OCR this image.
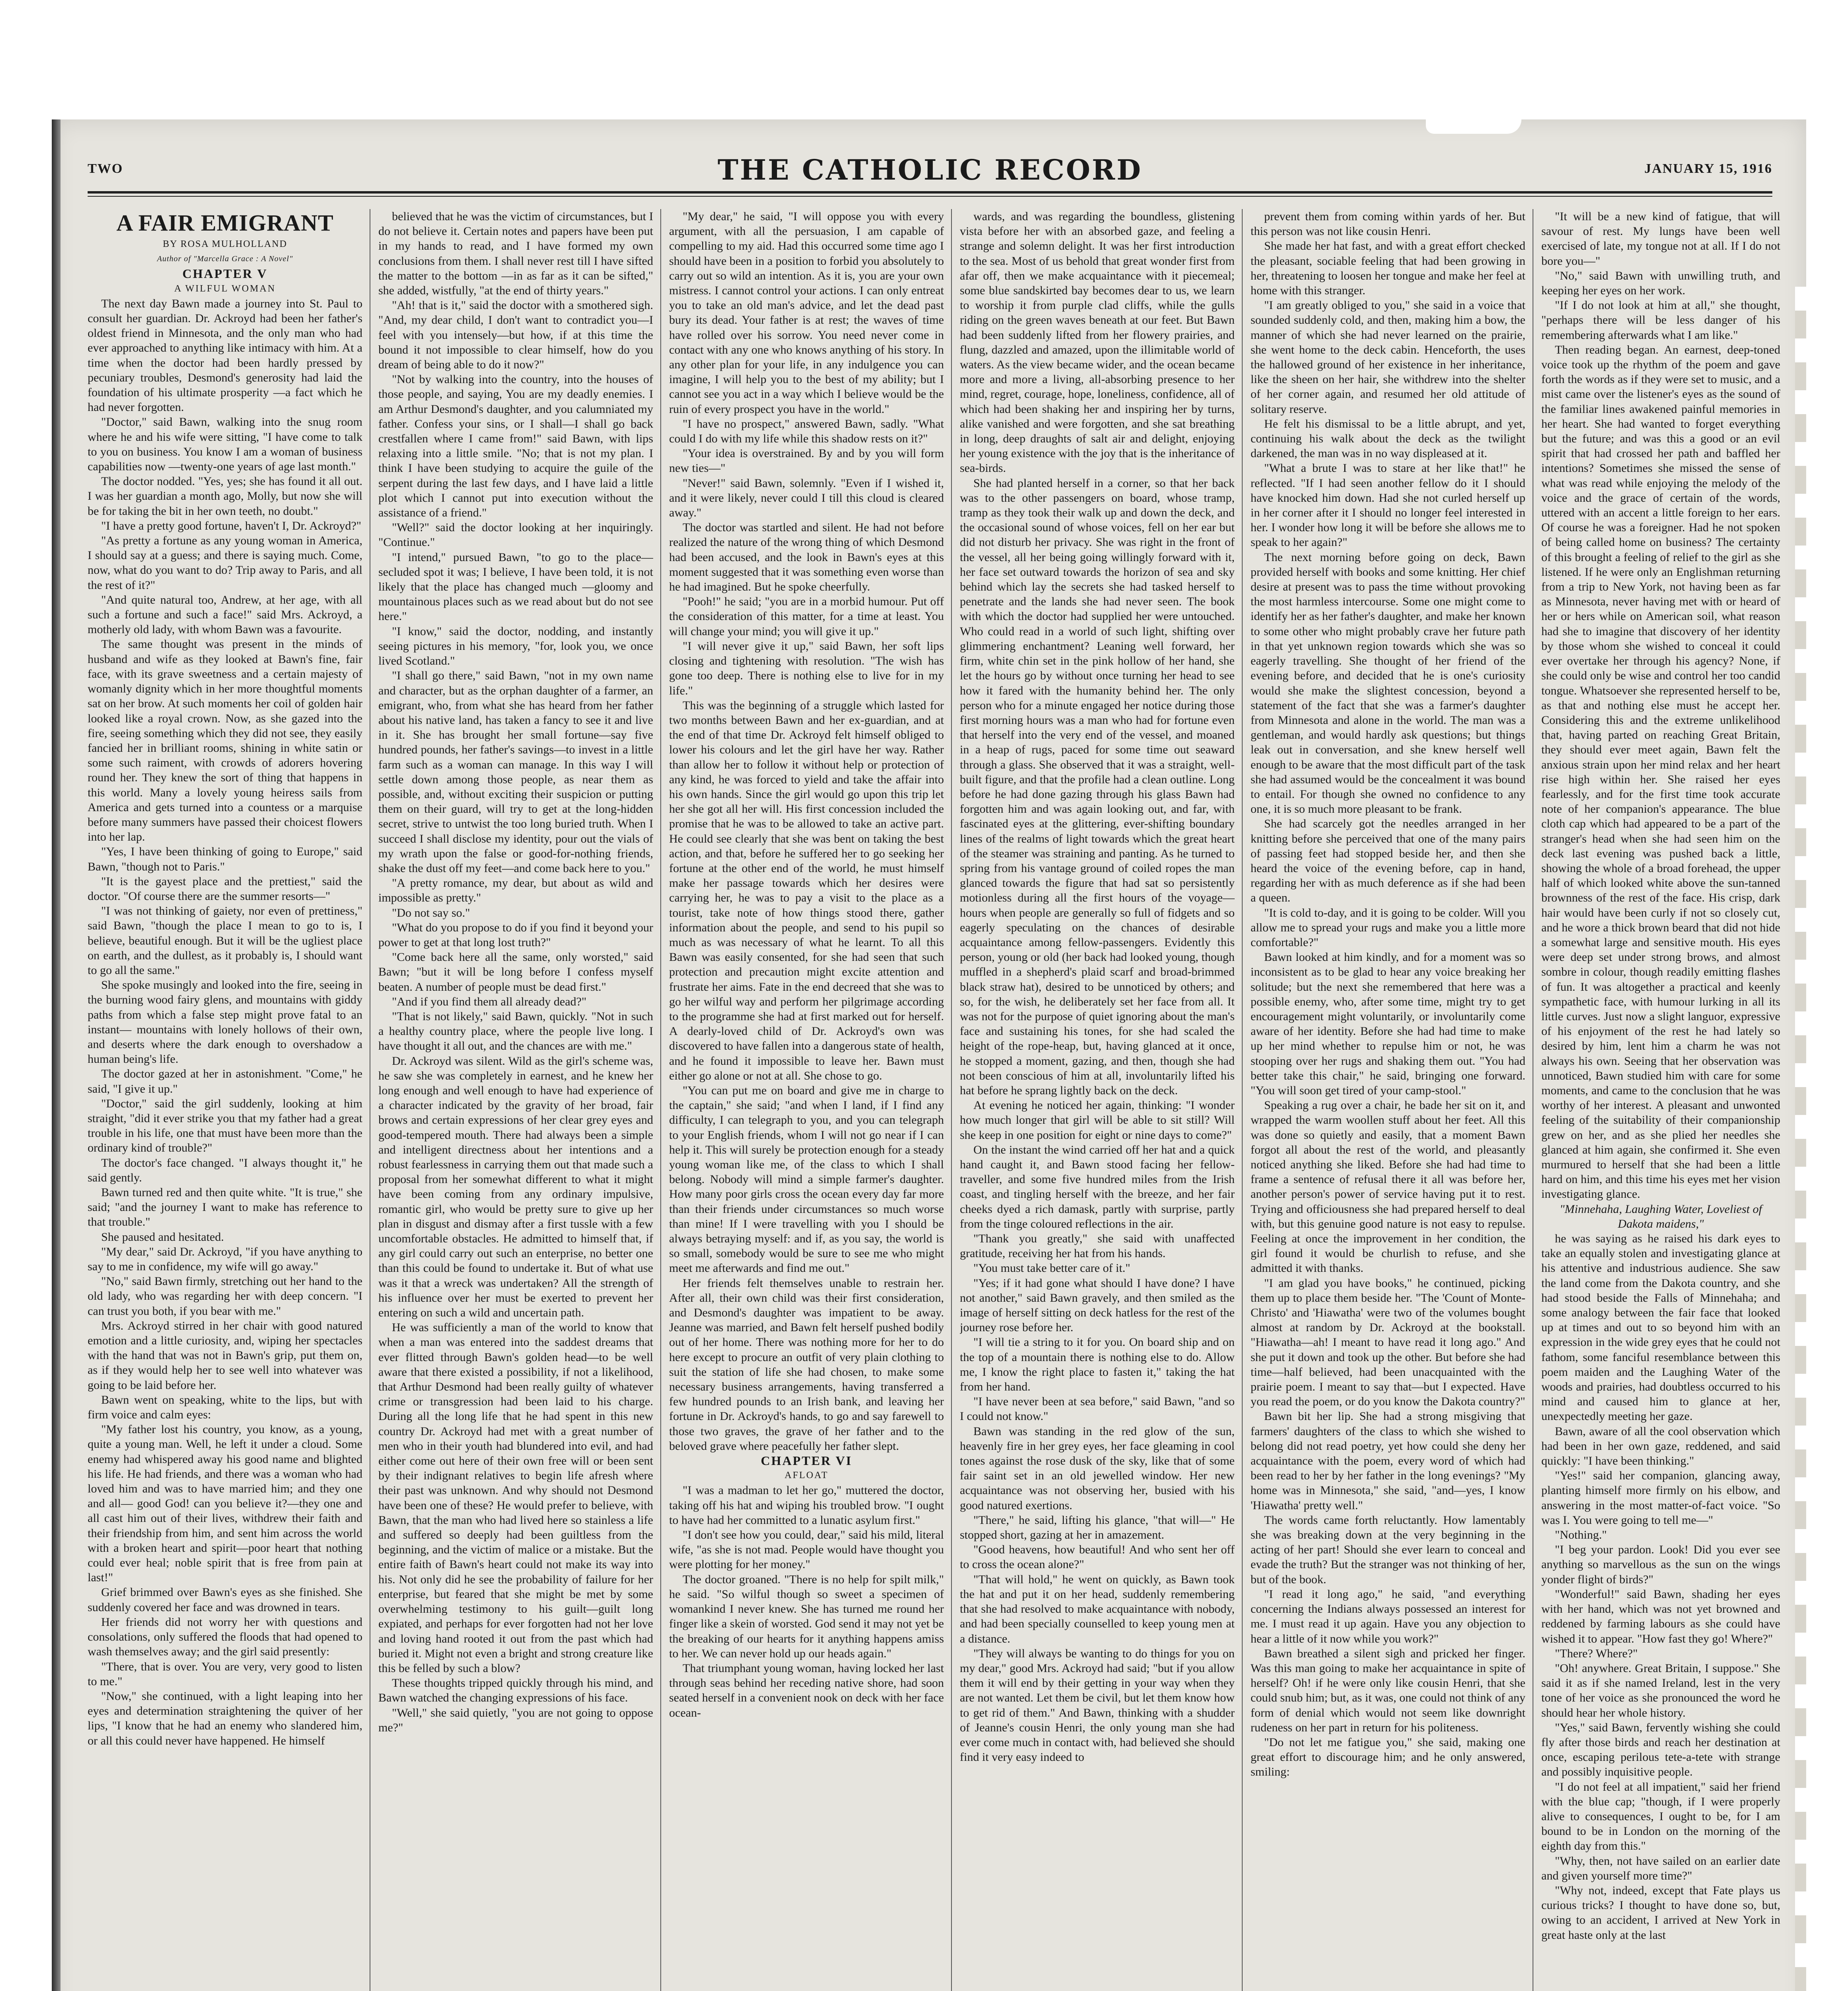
TWO	THE CATHOLIC RECORD	JANUARY 15, 1916

A FAIR EMIGRANT

BY ROSA MULHOLLAND

Author of "Marcella Grace : A Novel"

CHAPTER V

A WILFUL WOMAN

The next day Bawn made a journey into St. Paul to consult her guardian. Dr. Ackroyd had been her father's oldest friend in Minnesota, and the only man who had ever approached to anything like intimacy with him. At a time when the doctor had been hardly pressed by pecuniary troubles, Desmond's generosity had laid the foundation of his ultimate prosperity —a fact which he had never forgotten.

"Doctor," said Bawn, walking into the snug room where he and his wife were sitting, "I have come to talk to you on business. You know I am a woman of business capabilities now —twenty-one years of age last month."

The doctor nodded. "Yes, yes; she has found it all out. I was her guardian a month ago, Molly, but now she will be for taking the bit in her own teeth, no doubt."

"I have a pretty good fortune, haven't I, Dr. Ackroyd?"

"As pretty a fortune as any young woman in America, I should say at a guess; and there is saying much. Come, now, what do you want to do? Trip away to Paris, and all the rest of it?"

"And quite natural too, Andrew, at her age, with all such a fortune and such a face!" said Mrs. Ackroyd, a motherly old lady, with whom Bawn was a favourite.

The same thought was present in the minds of husband and wife as they looked at Bawn's fine, fair face, with its grave sweetness and a certain majesty of womanly dignity which in her more thoughtful moments sat on her brow. At such moments her coil of golden hair looked like a royal crown. Now, as she gazed into the fire, seeing something which they did not see, they easily fancied her in brilliant rooms, shining in white satin or some such raiment, with crowds of adorers hovering round her. They knew the sort of thing that happens in this world. Many a lovely young heiress sails from America and gets turned into a countess or a marquise before many summers have passed their choicest flowers into her lap.

"Yes, I have been thinking of going to Europe," said Bawn, "though not to Paris."

"It is the gayest place and the prettiest," said the doctor. "Of course there are the summer resorts—"

"I was not thinking of gaiety, nor even of prettiness," said Bawn, "though the place I mean to go to is, I believe, beautiful enough. But it will be the ugliest place on earth, and the dullest, as it probably is, I should want to go all the same."

She spoke musingly and looked into the fire, seeing in the burning wood fairy glens, and mountains with giddy paths from which a false step might prove fatal to an instant— mountains with lonely hollows of their own, and deserts where the dark enough to overshadow a human being's life.

The doctor gazed at her in astonishment. "Come," he said, "I give it up."

"Doctor," said the girl suddenly, looking at him straight, "did it ever strike you that my father had a great trouble in his life, one that must have been more than the ordinary kind of trouble?"

The doctor's face changed. "I always thought it," he said gently.

Bawn turned red and then quite white. "It is true," she said; "and the journey I want to make has reference to that trouble."

She paused and hesitated.

"My dear," said Dr. Ackroyd, "if you have anything to say to me in confidence, my wife will go away."

"No," said Bawn firmly, stretching out her hand to the old lady, who was regarding her with deep concern. "I can trust you both, if you bear with me."

Mrs. Ackroyd stirred in her chair with good natured emotion and a little curiosity, and, wiping her spectacles with the hand that was not in Bawn's grip, put them on, as if they would help her to see well into whatever was going to be laid before her.

Bawn went on speaking, white to the lips, but with firm voice and calm eyes:

"My father lost his country, you know, as a young, quite a young man. Well, he left it under a cloud. Some enemy had whispered away his good name and blighted his life. He had friends, and there was a woman who had loved him and was to have married him; and they one and all— good God! can you believe it?—they one and all cast him out of their lives, withdrew their faith and their friendship from him, and sent him across the world with a broken heart and spirit—poor heart that nothing could ever heal; noble spirit that is free from pain at last!"

Grief brimmed over Bawn's eyes as she finished. She suddenly covered her face and was drowned in tears.

Her friends did not worry her with questions and consolations, only suffered the floods that had opened to wash themselves away; and the girl said presently:

"There, that is over. You are very, very good to listen to me."

"Now," she continued, with a light leaping into her eyes and determination straightening the quiver of her lips, "I know that he had an enemy who slandered him, or all this could never have happened. He himself

believed that he was the victim of circumstances, but I do not believe it. Certain notes and papers have been put in my hands to read, and I have formed my own conclusions from them. I shall never rest till I have sifted the matter to the bottom —in as far as it can be sifted," she added, wistfully, "at the end of thirty years."

"Ah! that is it," said the doctor with a smothered sigh. "And, my dear child, I don't want to contradict you—I feel with you intensely—but how, if at this time the bound it not impossible to clear himself, how do you dream of being able to do it now?"

"Not by walking into the country, into the houses of those people, and saying, You are my deadly enemies. I am Arthur Desmond's daughter, and you calumniated my father. Confess your sins, or I shall—I shall go back crestfallen where I came from!" said Bawn, with lips relaxing into a little smile. "No; that is not my plan. I think I have been studying to acquire the guile of the serpent during the last few days, and I have laid a little plot which I cannot put into execution without the assistance of a friend."

"Well?" said the doctor looking at her inquiringly. "Continue."

"I intend," pursued Bawn, "to go to the place—secluded spot it was; I believe, I have been told, it is not likely that the place has changed much —gloomy and mountainous places such as we read about but do not see here."

"I know," said the doctor, nodding, and instantly seeing pictures in his memory, "for, look you, we once lived Scotland."

"I shall go there," said Bawn, "not in my own name and character, but as the orphan daughter of a farmer, an emigrant, who, from what she has heard from her father about his native land, has taken a fancy to see it and live in it. She has brought her small fortune—say five hundred pounds, her father's savings—to invest in a little farm such as a woman can manage. In this way I will settle down among those people, as near them as possible, and, without exciting their suspicion or putting them on their guard, will try to get at the long-hidden secret, strive to untwist the too long buried truth. When I succeed I shall disclose my identity, pour out the vials of my wrath upon the false or good-for-nothing friends, shake the dust off my feet—and come back here to you."

"A pretty romance, my dear, but about as wild and impossible as pretty."

"Do not say so."

"What do you propose to do if you find it beyond your power to get at that long lost truth?"

"Come back here all the same, only worsted," said Bawn; "but it will be long before I confess myself beaten. A number of people must be dead first."

"And if you find them all already dead?"

"That is not likely," said Bawn, quickly. "Not in such a healthy country place, where the people live long. I have thought it all out, and the chances are with me."

Dr. Ackroyd was silent. Wild as the girl's scheme was, he saw she was completely in earnest, and he knew her long enough and well enough to have had experience of a character indicated by the gravity of her broad, fair brows and certain expressions of her clear grey eyes and good-tempered mouth. There had always been a simple and intelligent directness about her intentions and a robust fearlessness in carrying them out that made such a proposal from her somewhat different to what it might have been coming from any ordinary impulsive, romantic girl, who would be pretty sure to give up her plan in disgust and dismay after a first tussle with a few uncomfortable obstacles. He admitted to himself that, if any girl could carry out such an enterprise, no better one than this could be found to undertake it. But of what use was it that a wreck was undertaken? All the strength of his influence over her must be exerted to prevent her entering on such a wild and uncertain path.

He was sufficiently a man of the world to know that when a man was entered into the saddest dreams that ever flitted through Bawn's golden head—to be well aware that there existed a possibility, if not a likelihood, that Arthur Desmond had been really guilty of whatever crime or transgression had been laid to his charge. During all the long life that he had spent in this new country Dr. Ackroyd had met with a great number of men who in their youth had blundered into evil, and had either come out here of their own free will or been sent by their indignant relatives to begin life afresh where their past was unknown. And why should not Desmond have been one of these? He would prefer to believe, with Bawn, that the man who had lived here so stainless a life and suffered so deeply had been guiltless from the beginning, and the victim of malice or a mistake. But the entire faith of Bawn's heart could not make its way into his. Not only did he see the probability of failure for her enterprise, but feared that she might be met by some overwhelming testimony to his guilt—guilt long expiated, and perhaps for ever forgotten had not her love and loving hand rooted it out from the past which had buried it. Might not even a bright and strong creature like this be felled by such a blow?

These thoughts tripped quickly through his mind, and Bawn watched the changing expressions of his face.

"Well," she said quietly, "you are not going to oppose me?"

"My dear," he said, "I will oppose you with every argument, with all the persuasion, I am capable of compelling to my aid. Had this occurred some time ago I should have been in a position to forbid you absolutely to carry out so wild an intention. As it is, you are your own mistress. I cannot control your actions. I can only entreat you to take an old man's advice, and let the dead past bury its dead. Your father is at rest; the waves of time have rolled over his sorrow. You need never come in contact with any one who knows anything of his story. In any other plan for your life, in any indulgence you can imagine, I will help you to the best of my ability; but I cannot see you act in a way which I believe would be the ruin of every prospect you have in the world."

"I have no prospect," answered Bawn, sadly. "What could I do with my life while this shadow rests on it?"

"Your idea is overstrained. By and by you will form new ties—"

"Never!" said Bawn, solemnly. "Even if I wished it, and it were likely, never could I till this cloud is cleared away."

The doctor was startled and silent. He had not before realized the nature of the wrong thing of which Desmond had been accused, and the look in Bawn's eyes at this moment suggested that it was something even worse than he had imagined. But he spoke cheerfully.

"Pooh!" he said; "you are in a morbid humour. Put off the consideration of this matter, for a time at least. You will change your mind; you will give it up."

"I will never give it up," said Bawn, her soft lips closing and tightening with resolution. "The wish has gone too deep. There is nothing else to live for in my life."

This was the beginning of a struggle which lasted for two months between Bawn and her ex-guardian, and at the end of that time Dr. Ackroyd felt himself obliged to lower his colours and let the girl have her way. Rather than allow her to follow it without help or protection of any kind, he was forced to yield and take the affair into his own hands. Since the girl would go upon this trip let her she got all her will. His first concession included the promise that he was to be allowed to take an active part. He could see clearly that she was bent on taking the best action, and that, before he suffered her to go seeking her fortune at the other end of the world, he must himself make her passage towards which her desires were carrying her, he was to pay a visit to the place as a tourist, take note of how things stood there, gather information about the people, and send to his pupil so much as was necessary of what he learnt. To all this Bawn was easily consented, for she had seen that such protection and precaution might excite attention and frustrate her aims. Fate in the end decreed that she was to go her wilful way and perform her pilgrimage according to the programme she had at first marked out for herself. A dearly-loved child of Dr. Ackroyd's own was discovered to have fallen into a dangerous state of health, and he found it impossible to leave her. Bawn must either go alone or not at all. She chose to go.

"You can put me on board and give me in charge to the captain," she said; "and when I land, if I find any difficulty, I can telegraph to you, and you can telegraph to your English friends, whom I will not go near if I can help it. This will surely be protection enough for a steady young woman like me, of the class to which I shall belong. Nobody will mind a simple farmer's daughter. How many poor girls cross the ocean every day far more than their friends under circumstances so much worse than mine! If I were travelling with you I should be always betraying myself: and if, as you say, the world is so small, somebody would be sure to see me who might meet me afterwards and find me out."

Her friends felt themselves unable to restrain her. After all, their own child was their first consideration, and Desmond's daughter was impatient to be away. Jeanne was married, and Bawn felt herself pushed bodily out of her home. There was nothing more for her to do here except to procure an outfit of very plain clothing to suit the station of life she had chosen, to make some necessary business arrangements, having transferred a few hundred pounds to an Irish bank, and leaving her fortune in Dr. Ackroyd's hands, to go and say farewell to those two graves, the grave of her father and to the beloved grave where peacefully her father slept.

CHAPTER VI

AFLOAT

"I was a madman to let her go," muttered the doctor, taking off his hat and wiping his troubled brow. "I ought to have had her committed to a lunatic asylum first."

"I don't see how you could, dear," said his mild, literal wife, "as she is not mad. People would have thought you were plotting for her money."

The doctor groaned. "There is no help for spilt milk," he said. "So wilful though so sweet a specimen of womankind I never knew. She has turned me round her finger like a skein of worsted. God send it may not yet be the breaking of our hearts for it anything happens amiss to her. We can never hold up our heads again."

That triumphant young woman, having locked her last through seas behind her receding native shore, had soon seated herself in a convenient nook on deck with her face ocean-

wards, and was regarding the boundless, glistening vista before her with an absorbed gaze, and feeling a strange and solemn delight. It was her first introduction to the sea. Most of us behold that great wonder first from afar off, then we make acquaintance with it piecemeal; some blue sandskirted bay becomes dear to us, we learn to worship it from purple clad cliffs, while the gulls riding on the green waves beneath at our feet. But Bawn had been suddenly lifted from her flowery prairies, and flung, dazzled and amazed, upon the illimitable world of waters. As the view became wider, and the ocean became more and more a living, all-absorbing presence to her mind, regret, courage, hope, loneliness, confidence, all of which had been shaking her and inspiring her by turns, alike vanished and were forgotten, and she sat breathing in long, deep draughts of salt air and delight, enjoying her young existence with the joy that is the inheritance of sea-birds.

She had planted herself in a corner, so that her back was to the other passengers on board, whose tramp, tramp as they took their walk up and down the deck, and the occasional sound of whose voices, fell on her ear but did not disturb her privacy. She was right in the front of the vessel, all her being going willingly forward with it, her face set outward towards the horizon of sea and sky behind which lay the secrets she had tasked herself to penetrate and the lands she had never seen. The book with which the doctor had supplied her were untouched. Who could read in a world of such light, shifting over glimmering enchantment? Leaning well forward, her firm, white chin set in the pink hollow of her hand, she let the hours go by without once turning her head to see how it fared with the humanity behind her. The only person who for a minute engaged her notice during those first morning hours was a man who had for fortune even that herself into the very end of the vessel, and moaned in a heap of rugs, paced for some time out seaward through a glass. She observed that it was a straight, well-built figure, and that the profile had a clean outline. Long before he had done gazing through his glass Bawn had forgotten him and was again looking out, and far, with fascinated eyes at the glittering, ever-shifting boundary lines of the realms of light towards which the great heart of the steamer was straining and panting. As he turned to spring from his vantage ground of coiled ropes the man glanced towards the figure that had sat so persistently motionless during all the first hours of the voyage—hours when people are generally so full of fidgets and so eagerly speculating on the chances of desirable acquaintance among fellow-passengers. Evidently this person, young or old (her back had looked young, though muffled in a shepherd's plaid scarf and broad-brimmed black straw hat), desired to be unnoticed by others; and so, for the wish, he deliberately set her face from all. It was not for the purpose of quiet ignoring about the man's face and sustaining his tones, for she had scaled the height of the rope-heap, but, having glanced at it once, he stopped a moment, gazing, and then, though she had not been conscious of him at all, involuntarily lifted his hat before he sprang lightly back on the deck.

At evening he noticed her again, thinking: "I wonder how much longer that girl will be able to sit still? Will she keep in one position for eight or nine days to come?"

On the instant the wind carried off her hat and a quick hand caught it, and Bawn stood facing her fellow-traveller, and some five hundred miles from the Irish coast, and tingling herself with the breeze, and her fair cheeks dyed a rich damask, partly with surprise, partly from the tinge coloured reflections in the air.

"Thank you greatly," she said with unaffected gratitude, receiving her hat from his hands.

"You must take better care of it."

"Yes; if it had gone what should I have done? I have not another," said Bawn gravely, and then smiled as the image of herself sitting on deck hatless for the rest of the journey rose before her.

"I will tie a string to it for you. On board ship and on the top of a mountain there is nothing else to do. Allow me, I know the right place to fasten it," taking the hat from her hand.

"I have never been at sea before," said Bawn, "and so I could not know."

Bawn was standing in the red glow of the sun, heavenly fire in her grey eyes, her face gleaming in cool tones against the rose dusk of the sky, like that of some fair saint set in an old jewelled window. Her new acquaintance was not observing her, busied with his good natured exertions.

"There," he said, lifting his glance, "that will—" He stopped short, gazing at her in amazement.

"Good heavens, how beautiful! And who sent her off to cross the ocean alone?"

"That will hold," he went on quickly, as Bawn took the hat and put it on her head, suddenly remembering that she had resolved to make acquaintance with nobody, and had been specially counselled to keep young men at a distance.

"They will always be wanting to do things for you on my dear," good Mrs. Ackroyd had said; "but if you allow them it will end by their getting in your way when they are not wanted. Let them be civil, but let them know how to get rid of them." And Bawn, thinking with a shudder of Jeanne's cousin Henri, the only young man she had ever come much in contact with, had believed she should find it very easy indeed to

prevent them from coming within yards of her. But this person was not like cousin Henri.

She made her hat fast, and with a great effort checked the pleasant, sociable feeling that had been growing in her, threatening to loosen her tongue and make her feel at home with this stranger.

"I am greatly obliged to you," she said in a voice that sounded suddenly cold, and then, making him a bow, the manner of which she had never learned on the prairie, she went home to the deck cabin. Henceforth, the uses the hallowed ground of her existence in her inheritance, like the sheen on her hair, she withdrew into the shelter of her corner again, and resumed her old attitude of solitary reserve.

He felt his dismissal to be a little abrupt, and yet, continuing his walk about the deck as the twilight darkened, the man was in no way displeased at it.

"What a brute I was to stare at her like that!" he reflected. "If I had seen another fellow do it I should have knocked him down. Had she not curled herself up in her corner after it I should no longer feel interested in her. I wonder how long it will be before she allows me to speak to her again?"

The next morning before going on deck, Bawn provided herself with books and some knitting. Her chief desire at present was to pass the time without provoking the most harmless intercourse. Some one might come to identify her as her father's daughter, and make her known to some other who might probably crave her future path in that yet unknown region towards which she was so eagerly travelling. She thought of her friend of the evening before, and decided that he is one's curiosity would she make the slightest concession, beyond a statement of the fact that she was a farmer's daughter from Minnesota and alone in the world. The man was a gentleman, and would hardly ask questions; but things leak out in conversation, and she knew herself well enough to be aware that the most difficult part of the task she had assumed would be the concealment it was bound to entail. For though she owned no confidence to any one, it is so much more pleasant to be frank.

She had scarcely got the needles arranged in her knitting before she perceived that one of the many pairs of passing feet had stopped beside her, and then she heard the voice of the evening before, cap in hand, regarding her with as much deference as if she had been a queen.

"It is cold to-day, and it is going to be colder. Will you allow me to spread your rugs and make you a little more comfortable?"

Bawn looked at him kindly, and for a moment was so inconsistent as to be glad to hear any voice breaking her solitude; but the next she remembered that here was a possible enemy, who, after some time, might try to get encouragement might voluntarily, or involuntarily come aware of her identity. Before she had had time to make up her mind whether to repulse him or not, he was stooping over her rugs and shaking them out. "You had better take this chair," he said, bringing one forward. "You will soon get tired of your camp-stool."

Speaking a rug over a chair, he bade her sit on it, and wrapped the warm woollen stuff about her feet. All this was done so quietly and easily, that a moment Bawn forgot all about the rest of the world, and pleasantly noticed anything she liked. Before she had had time to frame a sentence of refusal there it all was before her, another person's power of service having put it to rest. Trying and officiousness she had prepared herself to deal with, but this genuine good nature is not easy to repulse. Feeling at once the improvement in her condition, the girl found it would be churlish to refuse, and she admitted it with thanks.

"I am glad you have books," he continued, picking them up to place them beside her. "The 'Count of Monte-Christo' and 'Hiawatha' were two of the volumes bought almost at random by Dr. Ackroyd at the bookstall. "Hiawatha—ah! I meant to have read it long ago." And she put it down and took up the other. But before she had time—half believed, had been unacquainted with the prairie poem. I meant to say that—but I expected. Have you read the poem, or do you know the Dakota country?"

Bawn bit her lip. She had a strong misgiving that farmers' daughters of the class to which she wished to belong did not read poetry, yet how could she deny her acquaintance with the poem, every word of which had been read to her by her father in the long evenings? "My home was in Minnesota," she said, "and—yes, I know 'Hiawatha' pretty well."

The words came forth reluctantly. How lamentably she was breaking down at the very beginning in the acting of her part! Should she ever learn to conceal and evade the truth? But the stranger was not thinking of her, but of the book.

"I read it long ago," he said, "and everything concerning the Indians always possessed an interest for me. I must read it up again. Have you any objection to hear a little of it now while you work?"

Bawn breathed a silent sigh and pricked her finger. Was this man going to make her acquaintance in spite of herself? Oh! if he were only like cousin Henri, that she could snub him; but, as it was, one could not think of any form of denial which would not seem like downright rudeness on her part in return for his politeness.

"Do not let me fatigue you," she said, making one great effort to discourage him; and he only answered, smiling:

"It will be a new kind of fatigue, that will savour of rest. My lungs have been well exercised of late, my tongue not at all. If I do not bore you—"

"No," said Bawn with unwilling truth, and keeping her eyes on her work.

"If I do not look at him at all," she thought, "perhaps there will be less danger of his remembering afterwards what I am like."

Then reading began. An earnest, deep-toned voice took up the rhythm of the poem and gave forth the words as if they were set to music, and a mist came over the listener's eyes as the sound of the familiar lines awakened painful memories in her heart. She had wanted to forget everything but the future; and was this a good or an evil spirit that had crossed her path and baffled her intentions? Sometimes she missed the sense of what was read while enjoying the melody of the voice and the grace of certain of the words, uttered with an accent a little foreign to her ears. Of course he was a foreigner. Had he not spoken of being called home on business? The certainty of this brought a feeling of relief to the girl as she listened. If he were only an Englishman returning from a trip to New York, not having been as far as Minnesota, never having met with or heard of her or hers while on American soil, what reason had she to imagine that discovery of her identity by those whom she wished to conceal it could ever overtake her through his agency? None, if she could only be wise and control her too candid tongue. Whatsoever she represented herself to be, as that and nothing else must he accept her. Considering this and the extreme unlikelihood that, having parted on reaching Great Britain, they should ever meet again, Bawn felt the anxious strain upon her mind relax and her heart rise high within her. She raised her eyes fearlessly, and for the first time took accurate note of her companion's appearance. The blue cloth cap which had appeared to be a part of the stranger's head when she had seen him on the deck last evening was pushed back a little, showing the whole of a broad forehead, the upper half of which looked white above the sun-tanned brownness of the rest of the face. His crisp, dark hair would have been curly if not so closely cut, and he wore a thick brown beard that did not hide a somewhat large and sensitive mouth. His eyes were deep set under strong brows, and almost sombre in colour, though readily emitting flashes of fun. It was altogether a practical and keenly sympathetic face, with humour lurking in all its little curves. Just now a slight languor, expressive of his enjoyment of the rest he had lately so desired by him, lent him a charm he was not always his own. Seeing that her observation was unnoticed, Bawn studied him with care for some moments, and came to the conclusion that he was worthy of her interest. A pleasant and unwonted feeling of the suitability of their companionship grew on her, and as she plied her needles she glanced at him again, she confirmed it. She even murmured to herself that she had been a little hard on him, and this time his eyes met her vision investigating glance.

"Minnehaha, Laughing Water, Loveliest of Dakota maidens,"

he was saying as he raised his dark eyes to take an equally stolen and investigating glance at his attentive and industrious audience. She saw the land come from the Dakota country, and she had stood beside the Falls of Minnehaha; and some analogy between the fair face that looked up at times and out to so beyond him with an expression in the wide grey eyes that he could not fathom, some fanciful resemblance between this poem maiden and the Laughing Water of the woods and prairies, had doubtless occurred to his mind and caused him to glance at her, unexpectedly meeting her gaze.

Bawn, aware of all the cool observation which had been in her own gaze, reddened, and said quickly: "I have been thinking."

"Yes!" said her companion, glancing away, planting himself more firmly on his elbow, and answering in the most matter-of-fact voice. "So was I. You were going to tell me—"

"Nothing."

"I beg your pardon. Look! Did you ever see anything so marvellous as the sun on the wings yonder flight of birds?"

"Wonderful!" said Bawn, shading her eyes with her hand, which was not yet browned and reddened by farming labours as she could have wished it to appear. "How fast they go! Where?"

"There? Where?"

"Oh! anywhere. Great Britain, I suppose." She said it as if she named Ireland, lest in the very tone of her voice as she pronounced the word he should hear her whole history.

"Yes," said Bawn, fervently wishing she could fly after those birds and reach her destination at once, escaping perilous tete-a-tete with strange and possibly inquisitive people.

"I do not feel at all impatient," said her friend with the blue cap; "though, if I were properly alive to consequences, I ought to be, for I am bound to be in London on the morning of the eighth day from this."

"Why, then, not have sailed on an earlier date and given yourself more time?"

"Why not, indeed, except that Fate plays us curious tricks? I thought to have done so, but, owing to an accident, I arrived at New York in great haste only at the last
